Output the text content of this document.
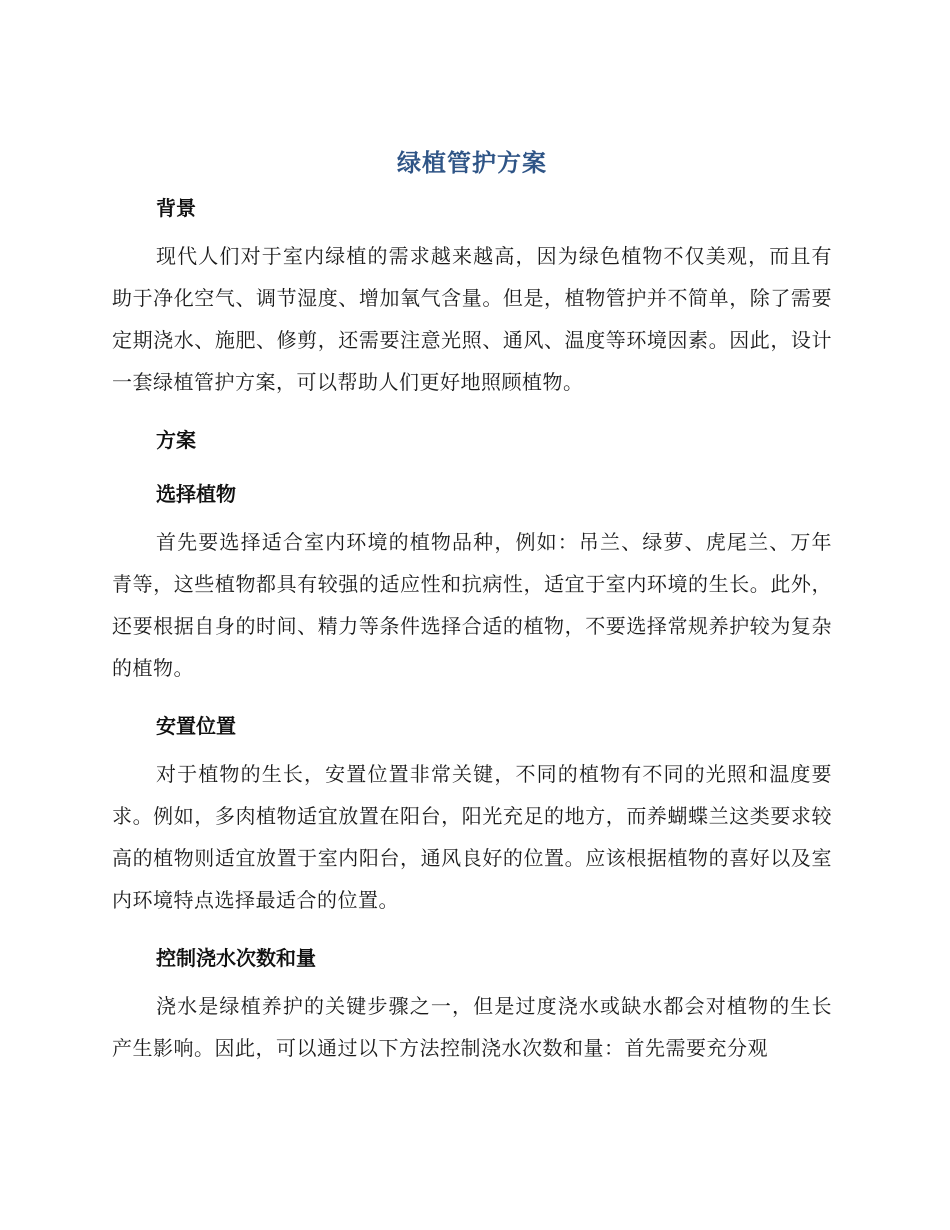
绿植管护方案
背景

现代人们对于室内绿植的需求越来越高，因为绿色植物不仅美观，而且有助于净化空气、调节湿度、增加氧气含量。但是，植物管护并不简单，除了需要定期浇水、施肥、修剪，还需要注意光照、通风、温度等环境因素。因此，设计一套绿植管护方案，可以帮助人们更好地照顾植物。

方案
选择植物

首先要选择适合室内环境的植物品种，例如：吊兰、绿萝、虎尾兰、万年青等，这些植物都具有较强的适应性和抗病性，适宜于室内环境的生长。此外，还要根据自身的时间、精力等条件选择合适的植物，不要选择常规养护较为复杂的植物。

安置位置

对于植物的生长，安置位置非常关键，不同的植物有不同的光照和温度要求。例如，多肉植物适宜放置在阳台，阳光充足的地方，而养蝴蝶兰这类要求较高的植物则适宜放置于室内阳台，通风良好的位置。应该根据植物的喜好以及室内环境特点选择最适合的位置。

控制浇水次数和量

浇水是绿植养护的关键步骤之一，但是过度浇水或缺水都会对植物的生长产生影响。因此，可以通过以下方法控制浇水次数和量：首先需要充分观
